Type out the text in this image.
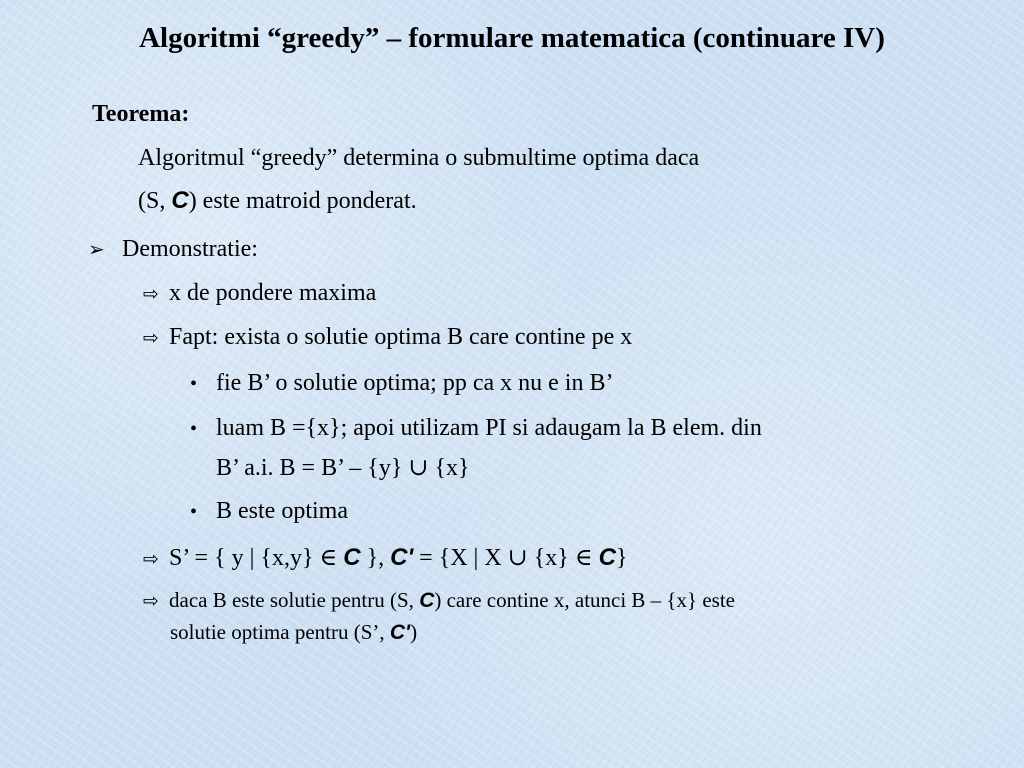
Algoritmi “greedy” – formulare matematica (continuare IV)
Teorema:
Algoritmul “greedy” determina o submultime optima daca
(S, C) este matroid ponderat.
➢ Demonstratie:
⇨ x de pondere maxima
⇨ Fapt: exista o solutie optima B care contine pe x
• fie B’ o solutie optima; pp ca x nu e in B’
• luam B ={x}; apoi utilizam PI si adaugam la B elem. din
B’ a.i. B = B’ – {y} ∪ {x}
• B este optima
⇨ S’ = { y | {x,y} ∈ C }, C' = {X | X ∪ {x} ∈ C}
⇨ daca B este solutie pentru (S, C) care contine x, atunci B – {x} este
solutie optima pentru (S’, C')
